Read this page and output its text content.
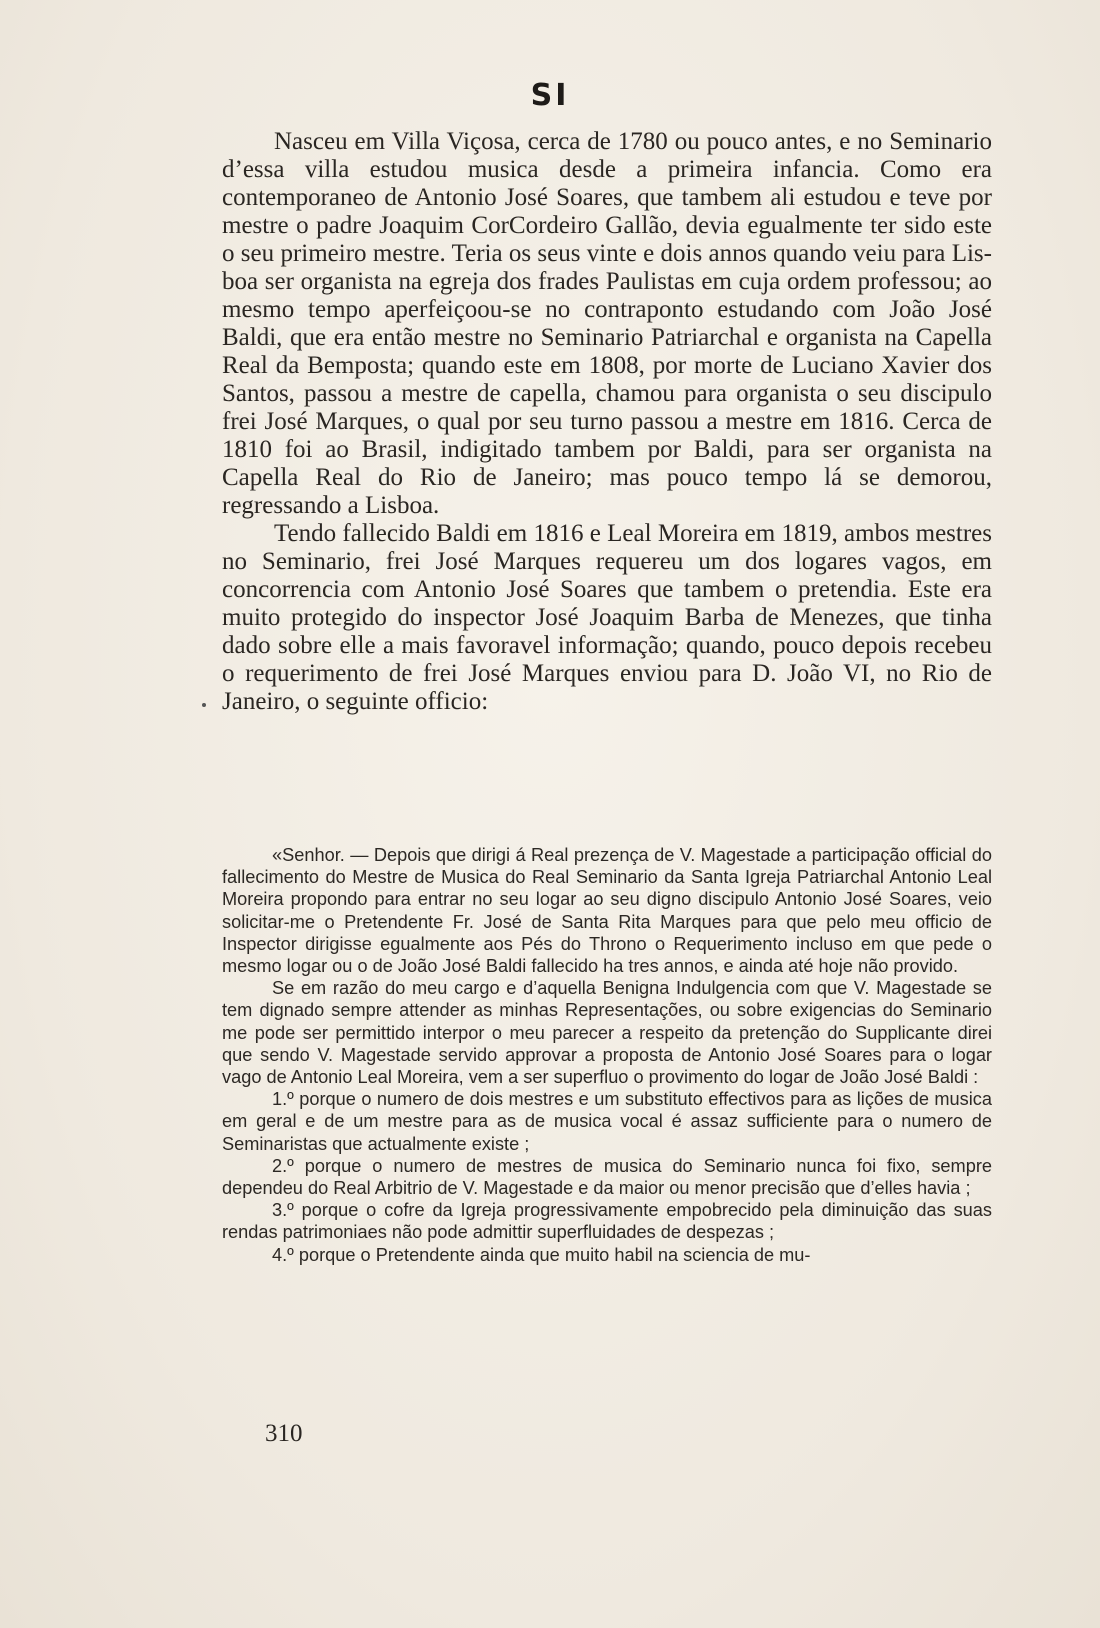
SI

Nasceu em Villa Viçosa, cerca de 1780 ou pouco antes, e no Seminario d’essa villa estudou musica desde a primeira infancia. Como era contemporaneo de Antonio José Soares, que tambem ali estudou e teve por mestre o padre Joaquim CorCordeiro Gallão, devia egualmente ter sido este o seu primeiro mestre. Teria os seus vinte e dois annos quando veiu para Lisboa ser organista na egreja dos frades Paulistas em cuja ordem professou; ao mesmo tempo aperfeiçoou-se no contraponto estudando com João José Baldi, que era então mestre no Seminario Patriarchal e organista na Capella Real da Bemposta; quando este em 1808, por morte de Luciano Xavier dos Santos, passou a mestre de capella, chamou para organista o seu discipulo frei José Marques, o qual por seu turno passou a mestre em 1816. Cerca de 1810 foi ao Brasil, indigitado tambem por Baldi, para ser organista na Capella Real do Rio de Janeiro; mas pouco tempo lá se demorou, regressando a Lisboa.

Tendo fallecido Baldi em 1816 e Leal Moreira em 1819, ambos mestres no Seminario, frei José Marques requereu um dos logares vagos, em concorrencia com Antonio José Soares que tambem o pretendia. Este era muito protegido do inspector José Joaquim Barba de Menezes, que tinha dado sobre elle a mais favoravel informação; quando, pouco depois recebeu o requerimento de frei José Marques enviou para D. João VI, no Rio de Janeiro, o seguinte officio:

«Senhor. — Depois que dirigi á Real prezença de V. Magestade a participação official do fallecimento do Mestre de Musica do Real Seminario da Santa Igreja Patriarchal Antonio Leal Moreira propondo para entrar no seu logar ao seu digno discipulo Antonio José Soares, veio solicitar-me o Pretendente Fr. José de Santa Rita Marques para que pelo meu officio de Inspector dirigisse egualmente aos Pés do Throno o Requerimento incluso em que pede o mesmo logar ou o de João José Baldi fallecido ha tres annos, e ainda até hoje não provido.

Se em razão do meu cargo e d’aquella Benigna Indulgencia com que V. Magestade se tem dignado sempre attender as minhas Representações, ou sobre exigencias do Seminario me pode ser permittido interpor o meu parecer a respeito da pretenção do Supplicante direi que sendo V. Magestade servido approvar a proposta de Antonio José Soares para o logar vago de Antonio Leal Moreira, vem a ser superfluo o provimento do logar de João José Baldi :

1.º porque o numero de dois mestres e um substituto effectivos para as lições de musica em geral e de um mestre para as de musica vocal é assaz sufficiente para o numero de Seminaristas que actualmente existe ;

2.º porque o numero de mestres de musica do Seminario nunca foi fixo, sempre dependeu do Real Arbitrio de V. Magestade e da maior ou menor precisão que d’elles havia ;

3.º porque o cofre da Igreja progressivamente empobrecido pela diminuição das suas rendas patrimoniaes não pode admittir superfluidades de despezas ;

4.º porque o Pretendente ainda que muito habil na sciencia de mu-

310
